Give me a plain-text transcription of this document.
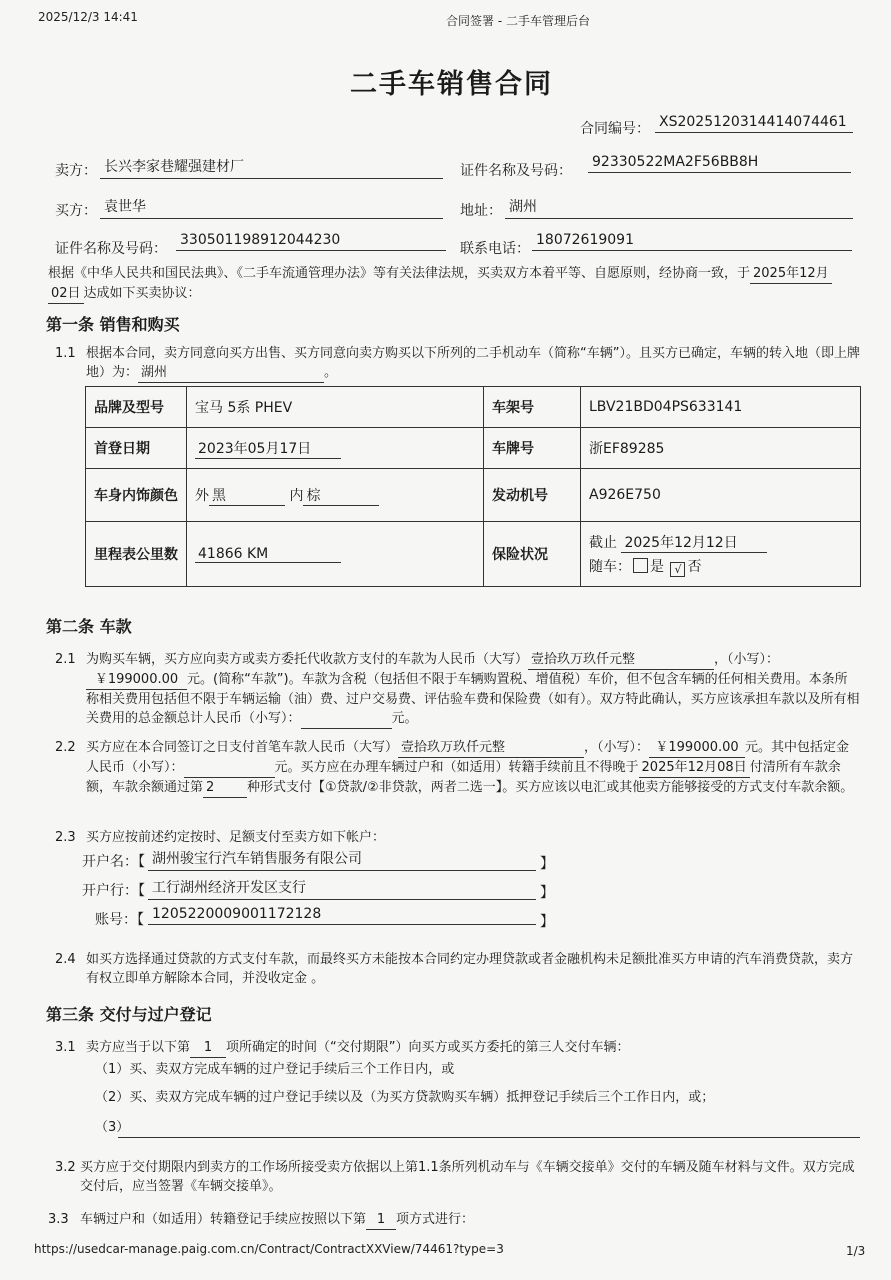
2025/12/3 14:41	合同签署 - 二手车管理后台
二手车销售合同
合同编号： XS2025120314414074461
卖方： 长兴李家巷耀强建材厂	证件名称及号码：
92330522MA2F56BB8H
买方： 袁世华	地址： 湖州
证件名称及号码：
330501198912044230
联系电话：
18072619091
根据《中华人民共和国民法典》、《二手车流通管理办法》等有关法律法规，买卖双方本着平等、自愿原则，经协商一致，于 2025年12月
02日 达成如下买卖协议：
第一条 销售和购买
1.1 根据本合同，卖方同意向买方出售、买方同意向卖方购买以下所列的二手机动车（简称“车辆”）。且买方已确定，车辆的转入地（即上牌地）为： 湖州	。
品牌及型号	宝马 5系 PHEV	车架号	LBV21BD04PS633141
首登日期	2023年05月17日	车牌号	浙EF89285
车身内饰颜色	外 黑 内 棕	发动机号	A926E750
里程表公里数	41866 KM	保险状况	截止 2025年12月12日
随车： 是 √ 否
第二条 车款
2.1 为购买车辆，买方应向卖方或卖方委托代收款方支付的车款为人民币（大写） 壹拾玖万玖仟元整	，（小写）：
￥199000.00 元。(简称“车款”)。车款为含税（包括但不限于车辆购置税、增值税）车价，但不包含车辆的任何相关费用。本条所称相关费用包括但不限于车辆运输（油）费、过户交易费、评估验车费和保险费（如有）。双方特此确认，买方应该承担车款以及所有相关费用的总金额总计人民币（小写）：	元。
2.2 买方应在本合同签订之日支付首笔车款人民币（大写） 壹拾玖万玖仟元整	，（小写）： ￥199000.00 元。其中包括定金人民币（小写）：	元。买方应在办理车辆过户和（如适用）转籍手续前且不得晚于 2025年12月08日 付清所有车款余额，车款余额通过第 2	种形式支付【①贷款/②非贷款，两者二选一】。买方应该以电汇或其他卖方能够接受的方式支付车款余额。
2.3 买方应按前述约定按时、足额支付至卖方如下帐户：
开户名：【 湖州骏宝行汽车销售服务有限公司	】
开户行：【 工行湖州经济开发区支行	】
账号：【 1205220009001172128	】
2.4 如买方选择通过贷款的方式支付车款，而最终买方未能按本合同约定办理贷款或者金融机构未足额批准买方申请的汽车消费贷款，卖方有权立即单方解除本合同，并没收定金 。
第三条 交付与过户登记
3.1 卖方应当于以下第 1 项所确定的时间（“交付期限”）向买方或买方委托的第三人交付车辆：
（1）买、卖双方完成车辆的过户登记手续后三个工作日内，或
（2）买、卖双方完成车辆的过户登记手续以及（为买方贷款购买车辆）抵押登记手续后三个工作日内，或；
（3）
3.2 买方应于交付期限内到卖方的工作场所接受卖方依据以上第1.1条所列机动车与《车辆交接单》交付的车辆及随车材料与文件。双方完成交付后，应当签署《车辆交接单》。
3.3 车辆过户和（如适用）转籍登记手续应按照以下第 1 项方式进行：
https://usedcar-manage.paig.com.cn/Contract/ContractXXView/74461?type=3	1/3
